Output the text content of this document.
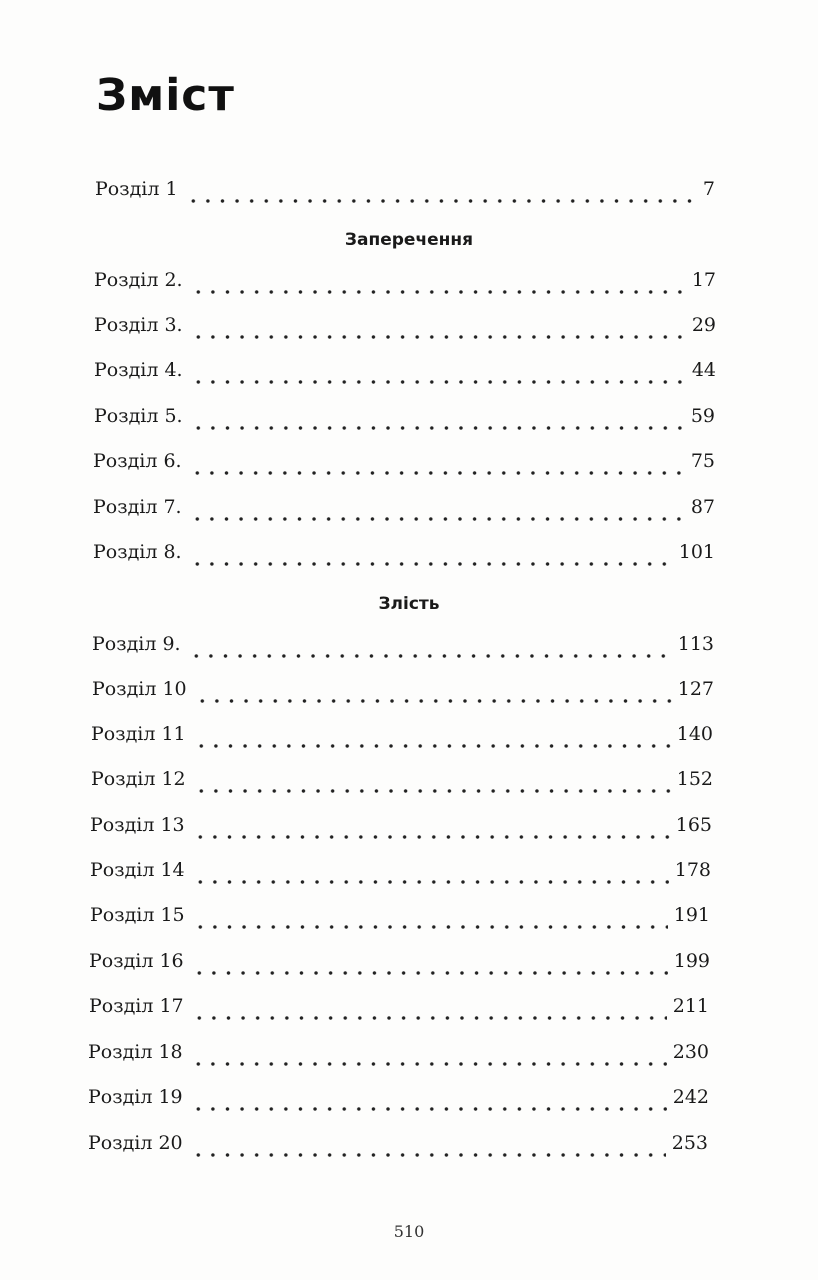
Зміст
Розділ 1	7
Заперечення
Розділ 2.	17
Розділ 3.	29
Розділ 4.	44
Розділ 5.	59
Розділ 6.	75
Розділ 7.	87
Розділ 8.	101
Злість
Розділ 9.	113
Розділ 10	127
Розділ 11	140
Розділ 12	152
Розділ 13	165
Розділ 14	178
Розділ 15	191
Розділ 16	199
Розділ 17	211
Розділ 18	230
Розділ 19	242
Розділ 20	253
510
